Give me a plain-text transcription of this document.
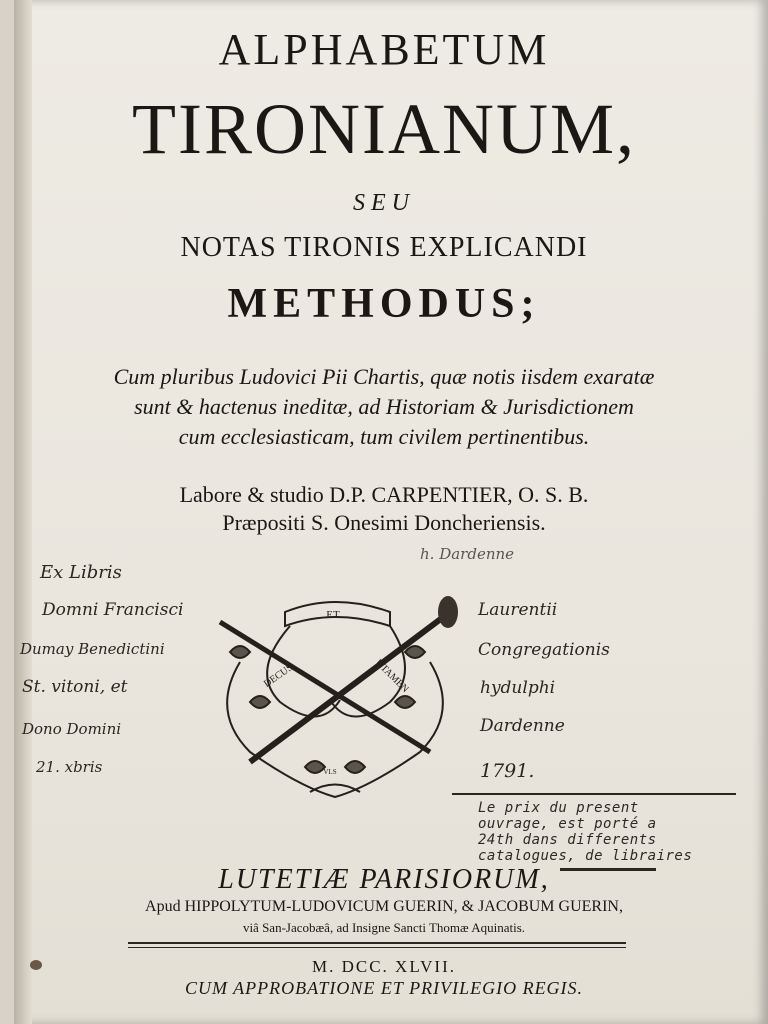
ALPHABETUM
TIRONIANUM,
SEU
NOTAS TIRONIS EXPLICANDI
METHODUS;
Cum pluribus Ludovici Pii Chartis, quæ notis iisdem exaratæ
sunt & hactenus ineditæ, ad Historiam & Jurisdictionem
cum ecclesiasticam, tum civilem pertinentibus.
Labore & studio D.P. CARPENTIER, O. S. B.
Præpositi S. Onesimi Doncheriensis.
h. Dardenne
Ex Libris
Domni Francisci
Dumay Benedictini
St. vitoni, et
Dono Domini
21. xbris
Laurentii
Congregationis
hydulphi
Dardenne
1791.
ET
DECUS	UTAMEN
VLS
Le prix du present
ouvrage, est porté a
24th dans differents
catalogues, de libraires
LUTETIÆ PARISIORUM,
Apud HIPPOLYTUM-LUDOVICUM GUERIN, & JACOBUM GUERIN,
viâ San-Jacobæâ, ad Insigne Sancti Thomæ Aquinatis.
M. DCC. XLVII.
CUM APPROBATIONE ET PRIVILEGIO REGIS.
